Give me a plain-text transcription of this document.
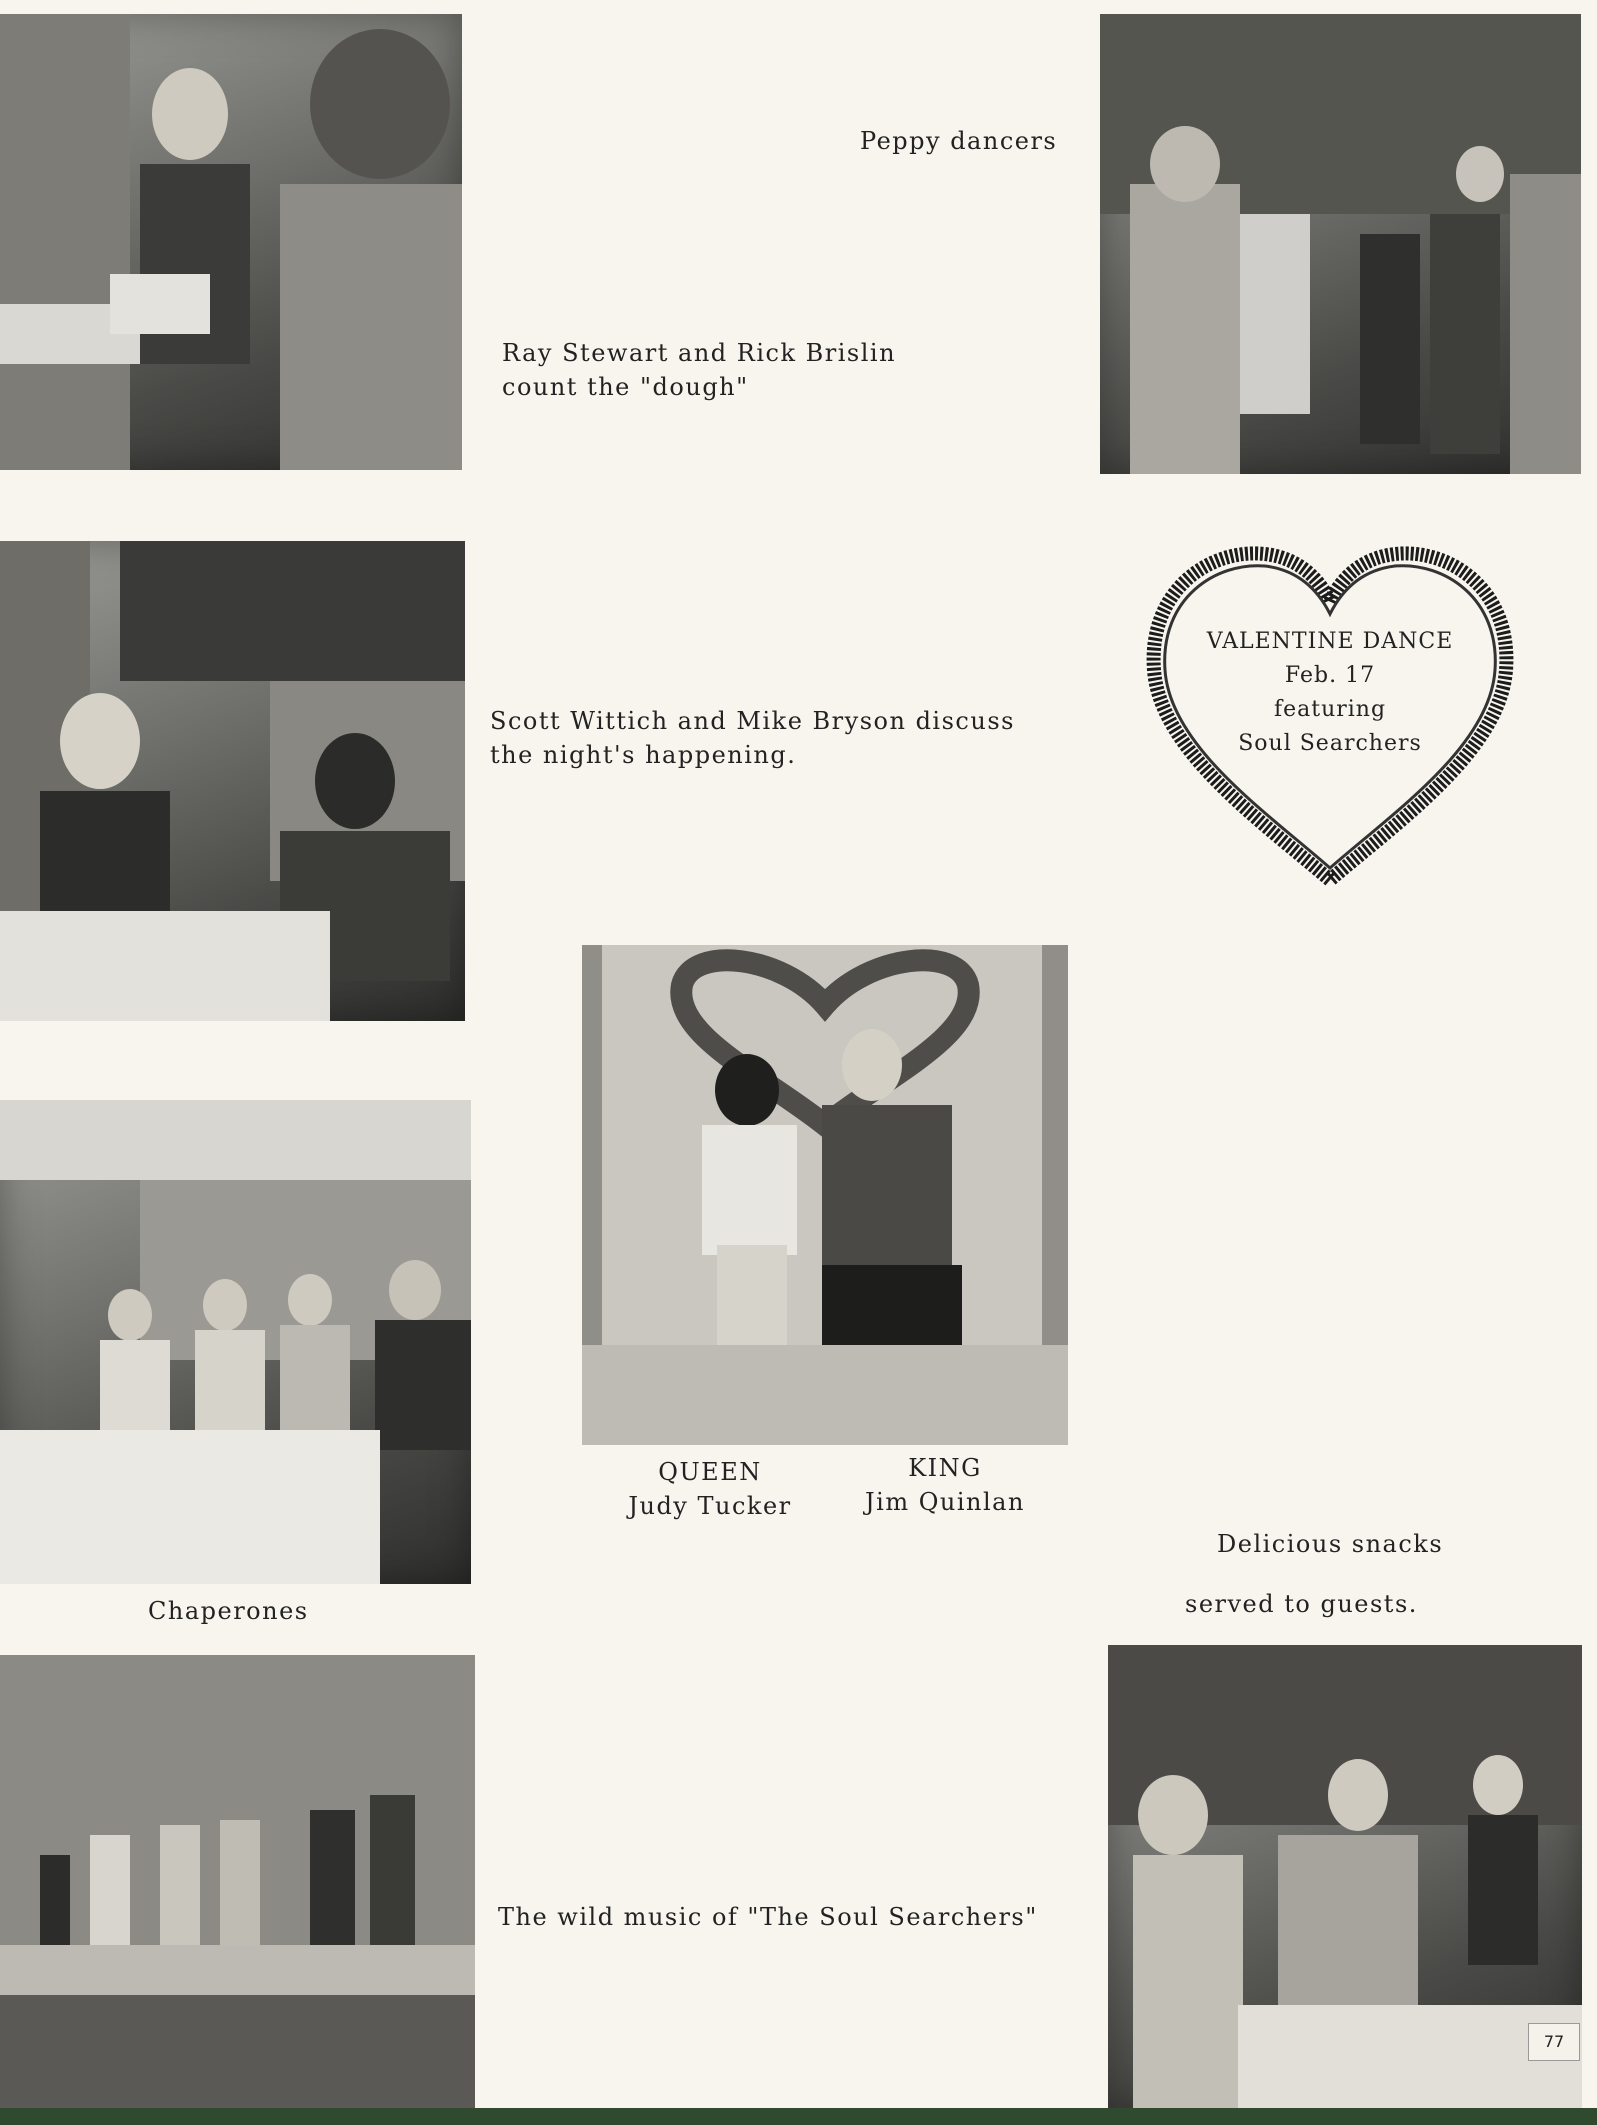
Peppy dancers
Ray Stewart and Rick Brislin
count the "dough"
Scott Wittich and Mike Bryson discuss
the night's happening.
VALENTINE DANCE
Feb. 17
featuring
Soul Searchers
QUEEN
Judy Tucker
KING
Jim Quinlan
Chaperones
Delicious snacks
served to guests.
The wild music of "The Soul Searchers"
77
